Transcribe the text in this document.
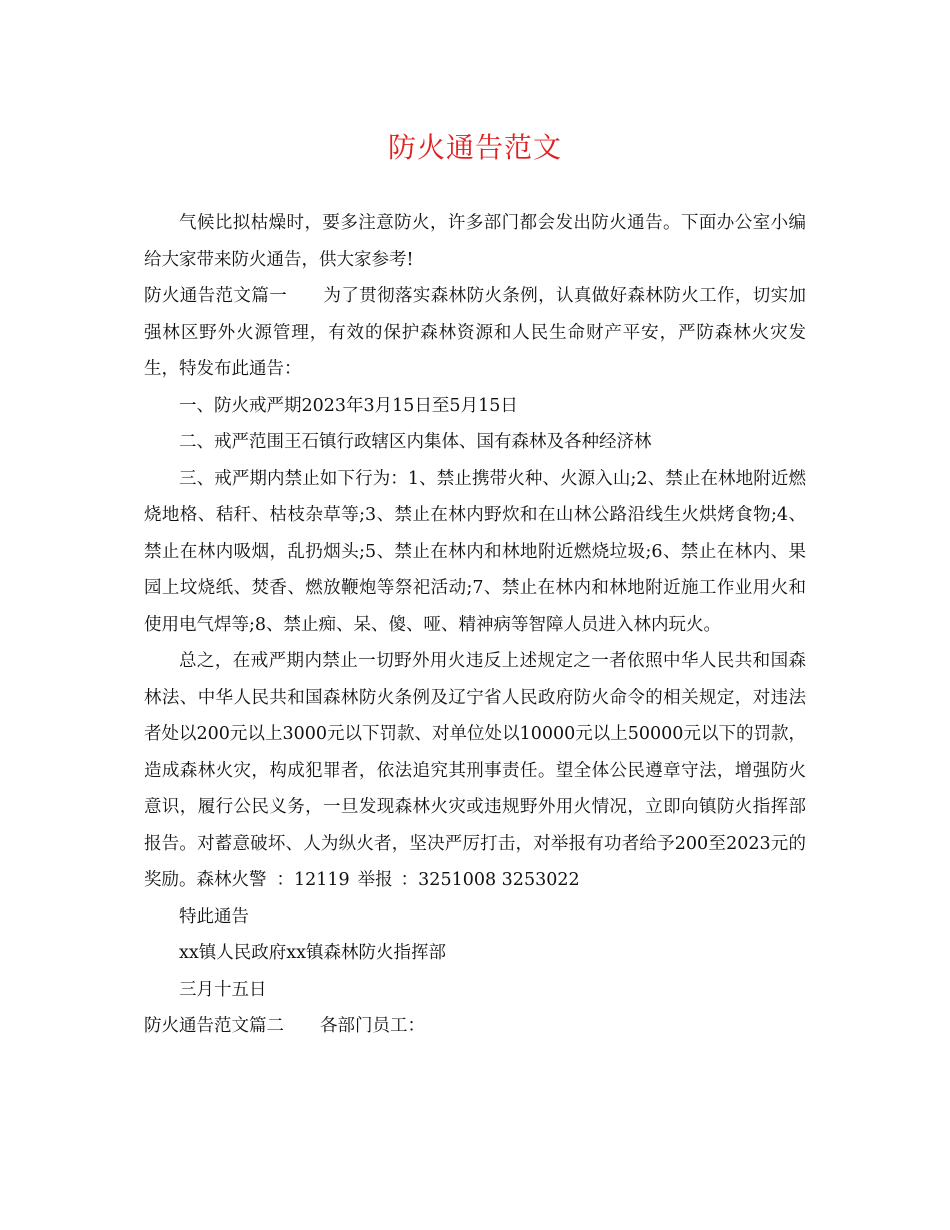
防火通告范文

气候比拟枯燥时，要多注意防火，许多部门都会发出防火通告。下面办公室小编给大家带来防火通告，供大家参考!

防火通告范文篇一 为了贯彻落实森林防火条例，认真做好森林防火工作，切实加强林区野外火源管理，有效的保护森林资源和人民生命财产平安，严防森林火灾发生，特发布此通告：

一、防火戒严期2023年3月15日至5月15日

二、戒严范围王石镇行政辖区内集体、国有森林及各种经济林

三、戒严期内禁止如下行为：1、禁止携带火种、火源入山;2、禁止在林地附近燃烧地格、秸秆、枯枝杂草等;3、禁止在林内野炊和在山林公路沿线生火烘烤食物;4、禁止在林内吸烟，乱扔烟头;5、禁止在林内和林地附近燃烧垃圾;6、禁止在林内、果园上坟烧纸、焚香、燃放鞭炮等祭祀活动;7、禁止在林内和林地附近施工作业用火和使用电气焊等;8、禁止痴、呆、傻、哑、精神病等智障人员进入林内玩火。

总之，在戒严期内禁止一切野外用火违反上述规定之一者依照中华人民共和国森林法、中华人民共和国森林防火条例及辽宁省人民政府防火命令的相关规定，对违法者处以200元以上3000元以下罚款、对单位处以10000元以上50000元以下的罚款，造成森林火灾，构成犯罪者，依法追究其刑事责任。望全体公民遵章守法，增强防火意识，履行公民义务，一旦发现森林火灾或违规野外用火情况，立即向镇防火指挥部报告。对蓄意破坏、人为纵火者，坚决严厉打击，对举报有功者给予200至2023元的奖励。森林火警 ：12119 举报 ：3251008 3253022

特此通告

xx镇人民政府xx镇森林防火指挥部

三月十五日

防火通告范文篇二 各部门员工：
